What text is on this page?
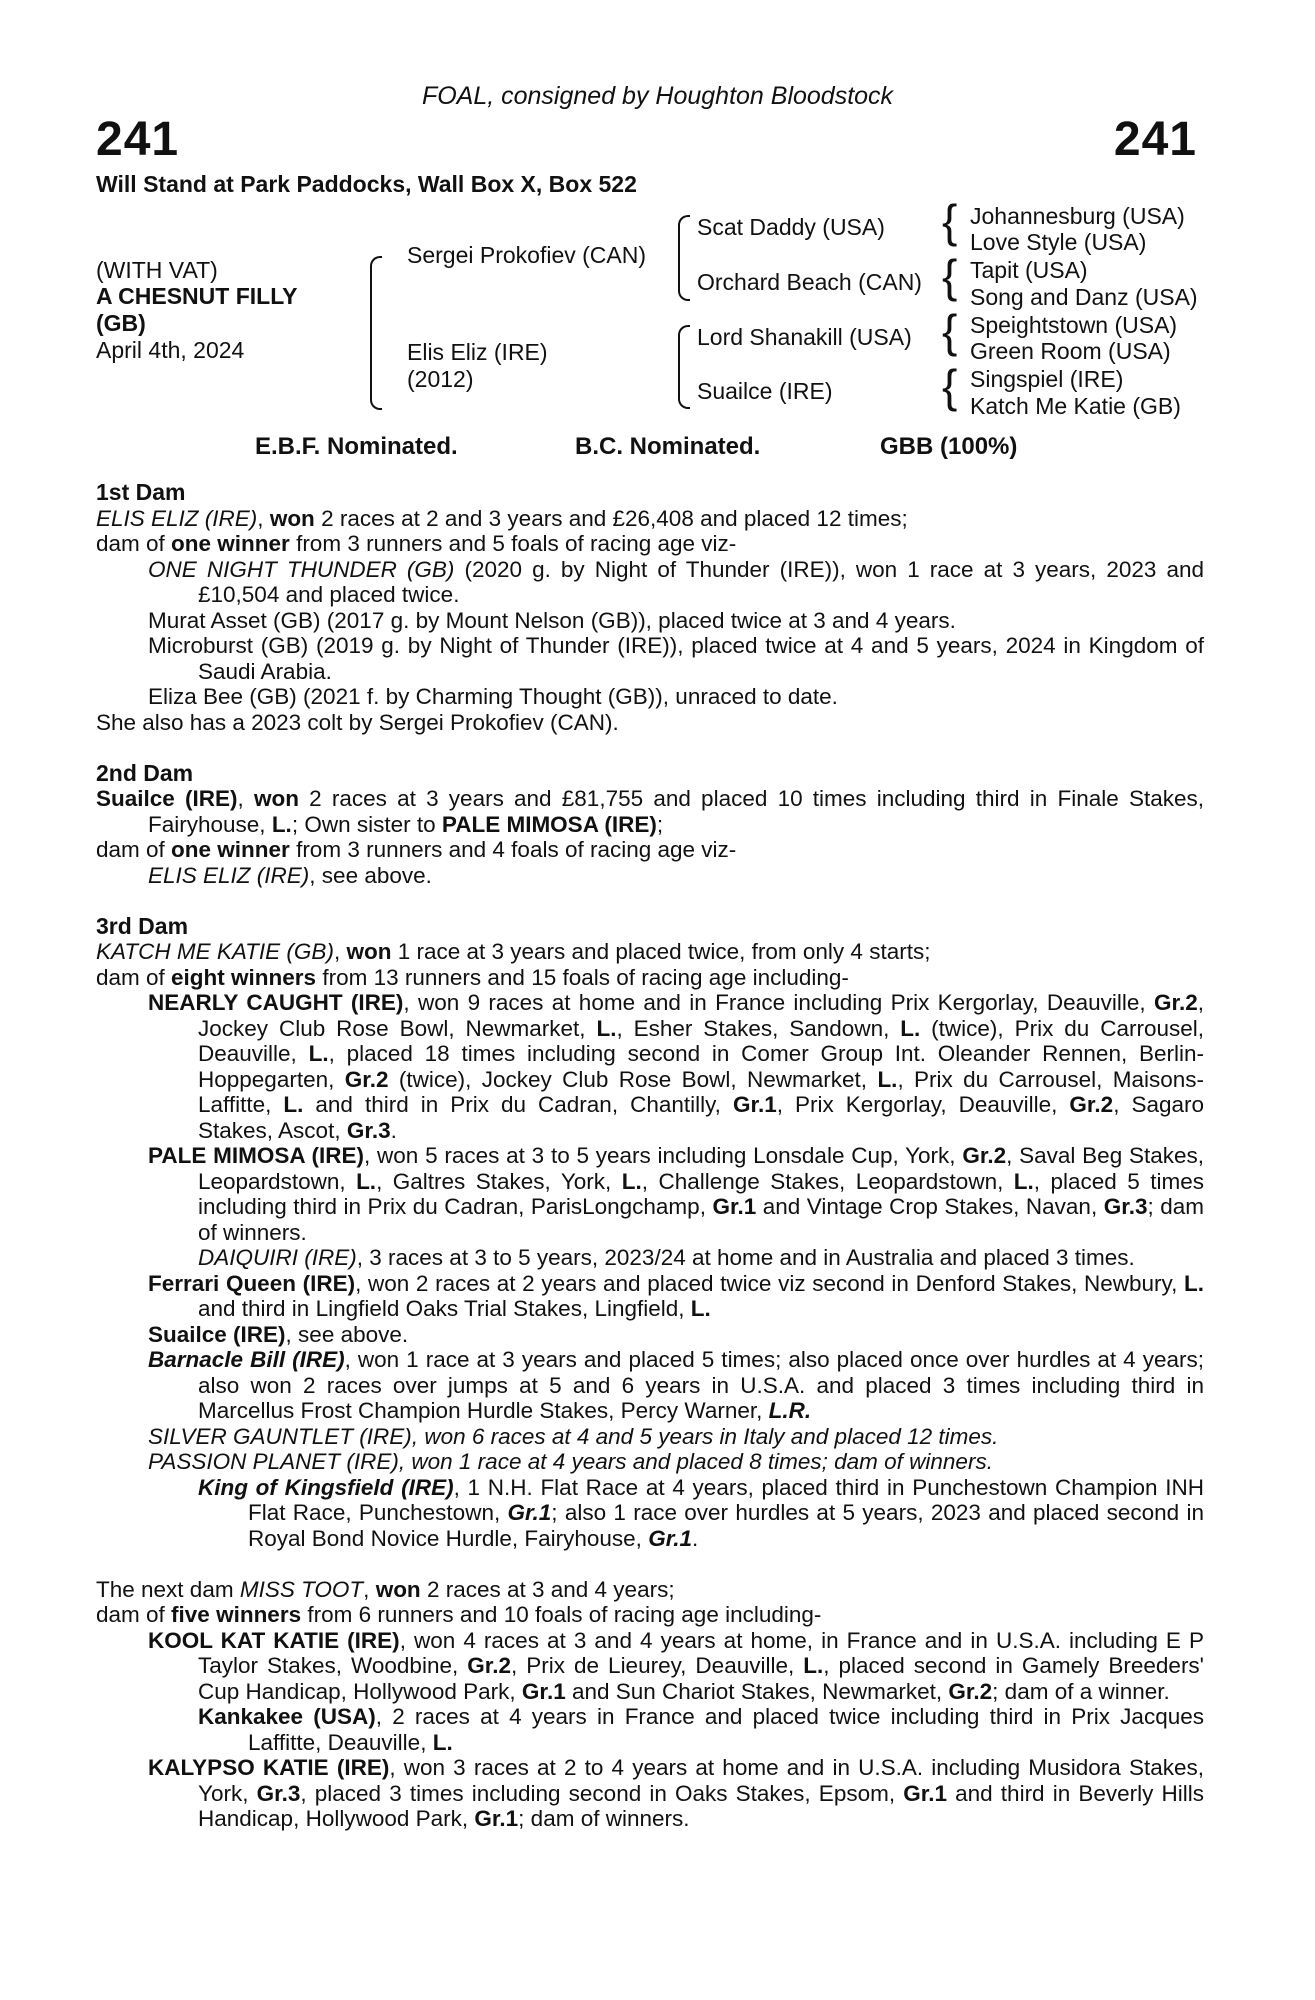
FOAL, consigned by Houghton Bloodstock
241	241
Will Stand at Park Paddocks, Wall Box X, Box 522
(WITH VAT)
A CHESNUT FILLY
(GB)
April 4th, 2024
Sergei Prokofiev (CAN)
Elis Eliz (IRE)
(2012)
Scat Daddy (USA)
Orchard Beach (CAN)
Lord Shanakill (USA)
Suailce (IRE)
{
{
{
{
Johannesburg (USA)
Love Style (USA)
Tapit (USA)
Song and Danz (USA)
Speightstown (USA)
Green Room (USA)
Singspiel (IRE)
Katch Me Katie (GB)
E.B.F. Nominated.	B.C. Nominated.	GBB (100%)
1st Dam

ELIS ELIZ (IRE), won 2 races at 2 and 3 years and £26,408 and placed 12 times;

dam of one winner from 3 runners and 5 foals of racing age viz-

ONE NIGHT THUNDER (GB) (2020 g. by Night of Thunder (IRE)), won 1 race at 3 years, 2023 and £10,504 and placed twice.

Murat Asset (GB) (2017 g. by Mount Nelson (GB)), placed twice at 3 and 4 years.

Microburst (GB) (2019 g. by Night of Thunder (IRE)), placed twice at 4 and 5 years, 2024 in Kingdom of Saudi Arabia.

Eliza Bee (GB) (2021 f. by Charming Thought (GB)), unraced to date.

She also has a 2023 colt by Sergei Prokofiev (CAN).

2nd Dam

Suailce (IRE), won 2 races at 3 years and £81,755 and placed 10 times including third in Finale Stakes, Fairyhouse, L.; Own sister to PALE MIMOSA (IRE);

dam of one winner from 3 runners and 4 foals of racing age viz-

ELIS ELIZ (IRE), see above.

3rd Dam

KATCH ME KATIE (GB), won 1 race at 3 years and placed twice, from only 4 starts;

dam of eight winners from 13 runners and 15 foals of racing age including-

NEARLY CAUGHT (IRE), won 9 races at home and in France including Prix Kergorlay, Deauville, Gr.2, Jockey Club Rose Bowl, Newmarket, L., Esher Stakes, Sandown, L. (twice), Prix du Carrousel, Deauville, L., placed 18 times including second in Comer Group Int. Oleander Rennen, Berlin-Hoppegarten, Gr.2 (twice), Jockey Club Rose Bowl, Newmarket, L., Prix du Carrousel, Maisons-Laffitte, L. and third in Prix du Cadran, Chantilly, Gr.1, Prix Kergorlay, Deauville, Gr.2, Sagaro Stakes, Ascot, Gr.3.

PALE MIMOSA (IRE), won 5 races at 3 to 5 years including Lonsdale Cup, York, Gr.2, Saval Beg Stakes, Leopardstown, L., Galtres Stakes, York, L., Challenge Stakes, Leopardstown, L., placed 5 times including third in Prix du Cadran, ParisLongchamp, Gr.1 and Vintage Crop Stakes, Navan, Gr.3; dam of winners.

DAIQUIRI (IRE), 3 races at 3 to 5 years, 2023/24 at home and in Australia and placed 3 times.

Ferrari Queen (IRE), won 2 races at 2 years and placed twice viz second in Denford Stakes, Newbury, L. and third in Lingfield Oaks Trial Stakes, Lingfield, L.

Suailce (IRE), see above.

Barnacle Bill (IRE), won 1 race at 3 years and placed 5 times; also placed once over hurdles at 4 years; also won 2 races over jumps at 5 and 6 years in U.S.A. and placed 3 times including third in Marcellus Frost Champion Hurdle Stakes, Percy Warner, L.R.

SILVER GAUNTLET (IRE), won 6 races at 4 and 5 years in Italy and placed 12 times.

PASSION PLANET (IRE), won 1 race at 4 years and placed 8 times; dam of winners.

King of Kingsfield (IRE), 1 N.H. Flat Race at 4 years, placed third in Punchestown Champion INH Flat Race, Punchestown, Gr.1; also 1 race over hurdles at 5 years, 2023 and placed second in Royal Bond Novice Hurdle, Fairyhouse, Gr.1.

The next dam MISS TOOT, won 2 races at 3 and 4 years;

dam of five winners from 6 runners and 10 foals of racing age including-

KOOL KAT KATIE (IRE), won 4 races at 3 and 4 years at home, in France and in U.S.A. including E P Taylor Stakes, Woodbine, Gr.2, Prix de Lieurey, Deauville, L., placed second in Gamely Breeders' Cup Handicap, Hollywood Park, Gr.1 and Sun Chariot Stakes, Newmarket, Gr.2; dam of a winner.

Kankakee (USA), 2 races at 4 years in France and placed twice including third in Prix Jacques Laffitte, Deauville, L.

KALYPSO KATIE (IRE), won 3 races at 2 to 4 years at home and in U.S.A. including Musidora Stakes, York, Gr.3, placed 3 times including second in Oaks Stakes, Epsom, Gr.1 and third in Beverly Hills Handicap, Hollywood Park, Gr.1; dam of winners.
